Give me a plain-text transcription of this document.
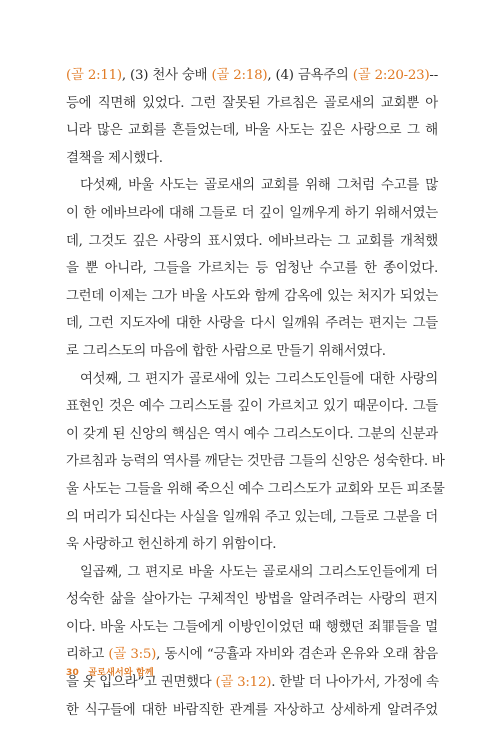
(골 2:11), (3) 천사 숭배 (골 2:18), (4) 금욕주의 (골 2:20-23)--
등에 직면해 있었다. 그런 잘못된 가르침은 골로새의 교회뿐 아
니라 많은 교회를 흔들었는데, 바울 사도는 깊은 사랑으로 그 해
결책을 제시했다.
다섯째, 바울 사도는 골로새의 교회를 위해 그처럼 수고를 많
이 한 에바브라에 대해 그들로 더 깊이 일깨우게 하기 위해서였는
데, 그것도 깊은 사랑의 표시였다. 에바브라는 그 교회를 개척했
을 뿐 아니라, 그들을 가르치는 등 엄청난 수고를 한 종이었다.
그런데 이제는 그가 바울 사도와 함께 감옥에 있는 처지가 되었는
데, 그런 지도자에 대한 사랑을 다시 일깨워 주려는 편지는 그들
로 그리스도의 마음에 합한 사람으로 만들기 위해서였다.
여섯째, 그 편지가 골로새에 있는 그리스도인들에 대한 사랑의
표현인 것은 예수 그리스도를 깊이 가르치고 있기 때문이다. 그들
이 갖게 된 신앙의 핵심은 역시 예수 그리스도이다. 그분의 신분과
가르침과 능력의 역사를 깨닫는 것만큼 그들의 신앙은 성숙한다. 바
울 사도는 그들을 위해 죽으신 예수 그리스도가 교회와 모든 피조물
의 머리가 되신다는 사실을 일깨워 주고 있는데, 그들로 그분을 더
욱 사랑하고 헌신하게 하기 위함이다.
일곱째, 그 편지로 바울 사도는 골로새의 그리스도인들에게 더
성숙한 삶을 살아가는 구체적인 방법을 알려주려는 사랑의 편지
이다. 바울 사도는 그들에게 이방인이었던 때 행했던 죄罪들을 멀
리하고 (골 3:5), 동시에 “긍휼과 자비와 겸손과 온유와 오래 참음
을 옷 입으라”고 권면했다 (골 3:12). 한발 더 나아가서, 가정에 속
한 식구들에 대한 바람직한 관계를 자상하고 상세하게 알려주었
30 골로새서와 함께
